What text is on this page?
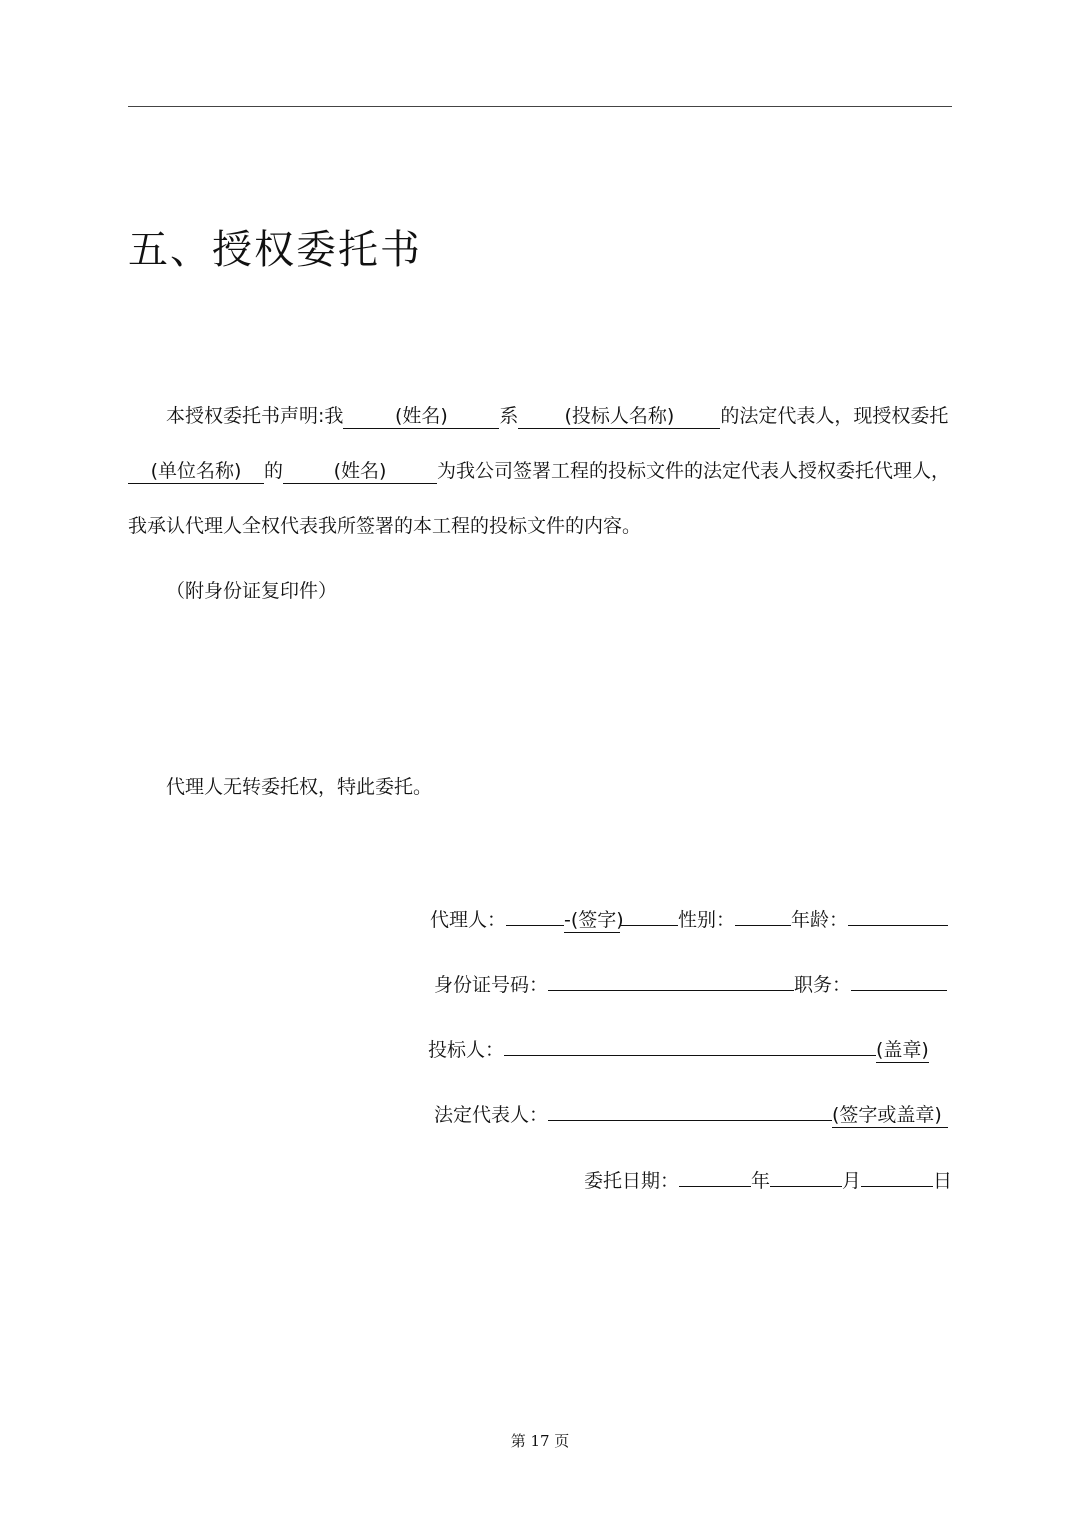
五、授权委托书
本授权委托书声明:我	(姓名)	系 (投标人名称) 的法定代表人，现授权委托
(单位名称) 的	(姓名)	为我公司签署工程的投标文件的法定代表人授权委托代理人，
我承认代理人全权代表我所签署的本工程的投标文件的内容。
（附身份证复印件）
代理人无转委托权，特此委托。
代理人：	-(签字)	性别：	年龄：
身份证号码：	职务：
投标人：	(盖章)
法定代表人：	(签字或盖章)
委托日期：	年	月	日
第 17 页
